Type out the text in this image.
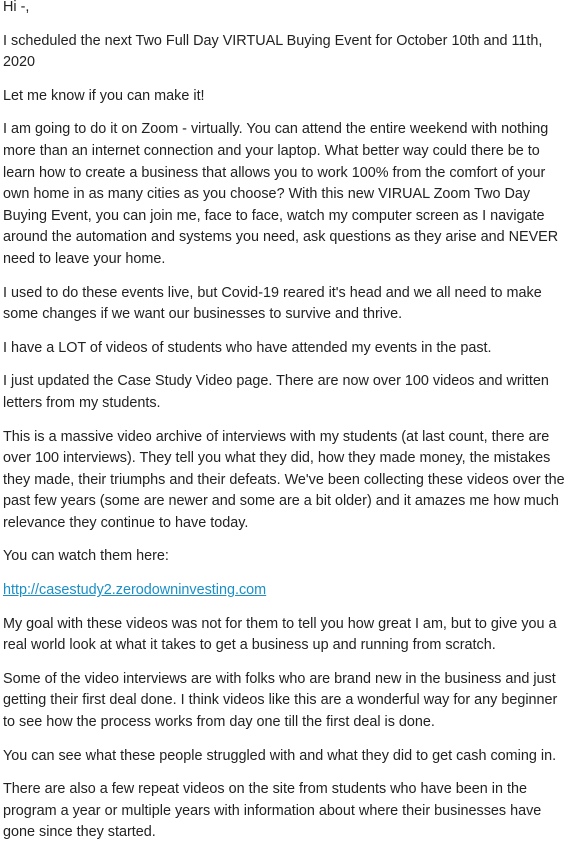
Hi -,

I scheduled the next Two Full Day VIRTUAL Buying Event for October 10th and 11th, 2020

Let me know if you can make it!

I am going to do it on Zoom - virtually. You can attend the entire weekend with nothing more than an internet connection and your laptop. What better way could there be to learn how to create a business that allows you to work 100% from the comfort of your own home in as many cities as you choose? With this new VIRUAL Zoom Two Day Buying Event, you can join me, face to face, watch my computer screen as I navigate around the automation and systems you need, ask questions as they arise and NEVER need to leave your home.

I used to do these events live, but Covid-19 reared it's head and we all need to make some changes if we want our businesses to survive and thrive.

I have a LOT of videos of students who have attended my events in the past.

I just updated the Case Study Video page. There are now over 100 videos and written letters from my students.

This is a massive video archive of interviews with my students (at last count, there are over 100 interviews). They tell you what they did, how they made money, the mistakes they made, their triumphs and their defeats. We've been collecting these videos over the past few years (some are newer and some are a bit older) and it amazes me how much relevance they continue to have today.

You can watch them here:

http://casestudy2.zerodowninvesting.com

My goal with these videos was not for them to tell you how great I am, but to give you a real world look at what it takes to get a business up and running from scratch.

Some of the video interviews are with folks who are brand new in the business and just getting their first deal done. I think videos like this are a wonderful way for any beginner to see how the process works from day one till the first deal is done.

You can see what these people struggled with and what they did to get cash coming in.

There are also a few repeat videos on the site from students who have been in the program a year or multiple years with information about where their businesses have gone since they started.
